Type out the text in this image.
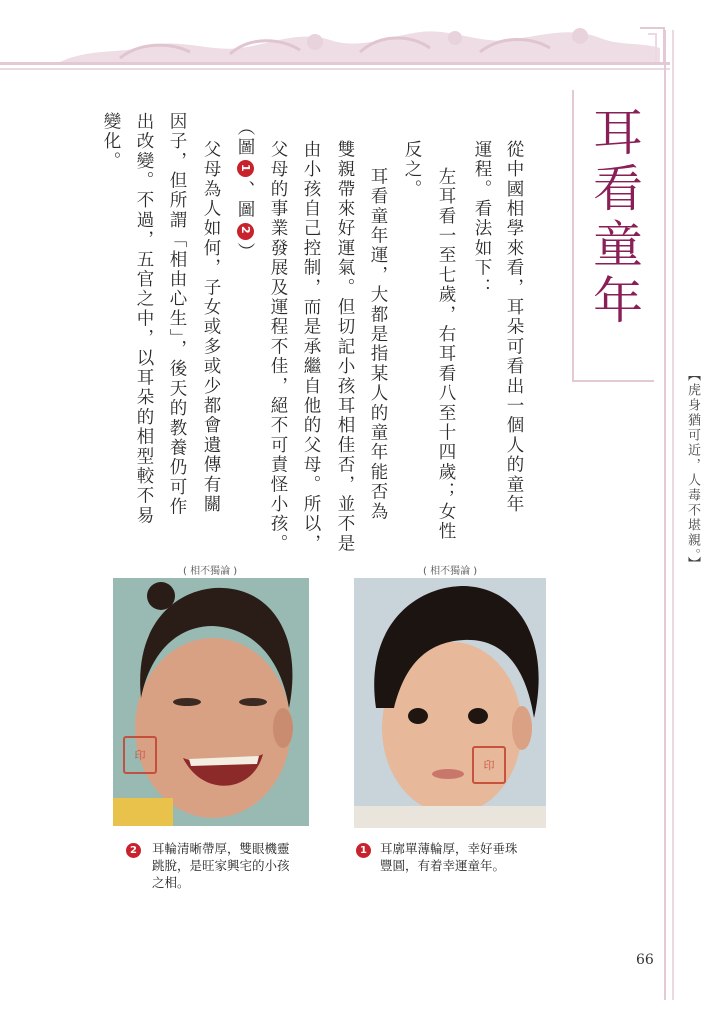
耳看童年
【虎身猶可近，人毒不堪親。】
從中國相學來看，耳朵可看出一個人的童年
運程。看法如下：
左耳看一至七歲，右耳看八至十四歲；女性
反之。
耳看童年運，大都是指某人的童年能否為
雙親帶來好運氣。但切記小孩耳相佳否，並不是
由小孩自己控制，而是承繼自他的父母。所以，
父母的事業發展及運程不佳，絕不可責怪小孩。
（圖1、圖2）
父母為人如何，子女或多或少都會遺傳有關
因子，但所謂「相由心生」，後天的教養仍可作
出改變。不過，五官之中，以耳朵的相型較不易
變化。
( 相不獨論 )	( 相不獨論 )
印
印
2	耳輪清晰帶厚，雙眼機靈
跳脫，是旺家興宅的小孩
之相。
1	耳廓單薄輪厚，幸好垂珠
豐圓，有着幸運童年。
66
